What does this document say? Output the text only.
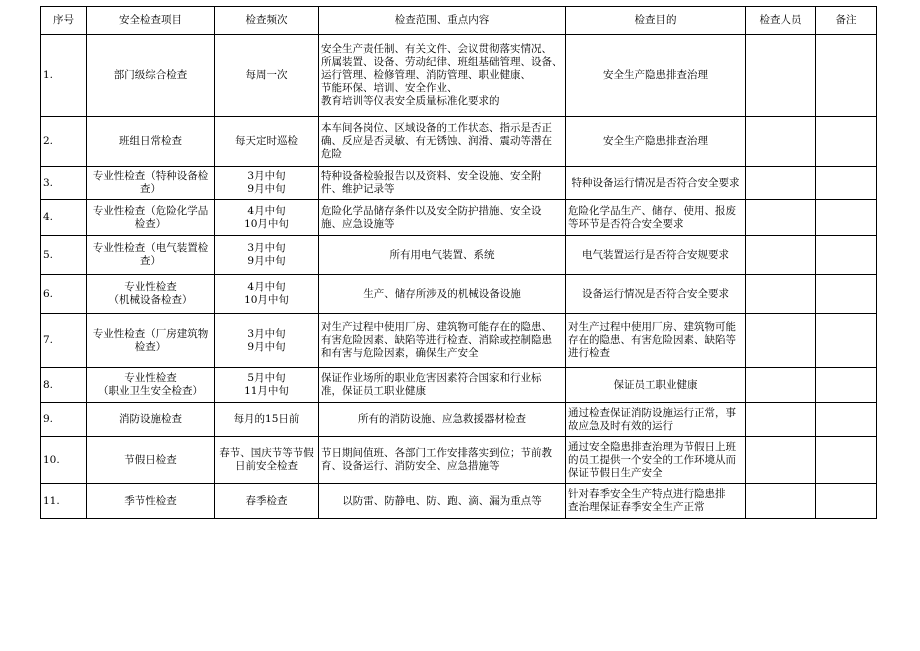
序号	安全检查项目	检查频次	检查范围、重点内容	检查目的	检查人员	备注
1.	部门级综合检查	每周一次	安全生产责任制、有关文件、会议贯彻落实情况、
所属装置、设备、劳动纪律、班组基础管理、设备、
运行管理、检修管理、消防管理、职业健康、
节能环保、培训、安全作业、
教育培训等仪表安全质量标准化要求的	安全生产隐患排查治理		

2.	班组日常检查	每天定时巡检	本车间各岗位、区域设备的工作状态、指示是否正
确、反应是否灵敏、有无锈蚀、润滑、震动等潜在
危险	安全生产隐患排查治理		

3.	专业性检查（特种设备检
查）	3月中旬
9月中旬	特种设备检验报告以及资料、安全设施、安全附
件、维护记录等	特种设备运行情况是否符合安全要求		

4.	专业性检查（危险化学品
检查）	4月中旬
10月中旬	危险化学品储存条件以及安全防护措施、安全设
施、应急设施等	危险化学品生产、储存、使用、报废
等环节是否符合安全要求		

5.	专业性检查（电气装置检
查）	3月中旬
9月中旬	所有用电气装置、系统	电气装置运行是否符合安规要求		

6.	专业性检查
（机械设备检查）	4月中旬
10月中旬	生产、储存所涉及的机械设备设施	设备运行情况是否符合安全要求		

7.	专业性检查（厂房建筑物
检查）	3月中旬
9月中旬	对生产过程中使用厂房、建筑物可能存在的隐患、
有害危险因素、缺陷等进行检查、消除或控制隐患
和有害与危险因素，确保生产安全	对生产过程中使用厂房、建筑物可能
存在的隐患、有害危险因素、缺陷等
进行检查		

8.	专业性检查
（职业卫生安全检查）	5月中旬
11月中旬	保证作业场所的职业危害因素符合国家和行业标
准，保证员工职业健康	保证员工职业健康		

9.	消防设施检查	每月的15日前	所有的消防设施、应急救援器材检查	通过检查保证消防设施运行正常，事
故应急及时有效的运行		

10.	节假日检查	春节、国庆节等节假
日前安全检查	节日期间值班、各部门工作安排落实到位；节前教
育、设备运行、消防安全、应急措施等	通过安全隐患排查治理为节假日上班
的员工提供一个安全的工作环境从而
保证节假日生产安全		

11.	季节性检查	春季检查	以防雷、防静电、防、跑、滴、漏为重点等	针对春季安全生产特点进行隐患排
查治理保证春季安全生产正常		
